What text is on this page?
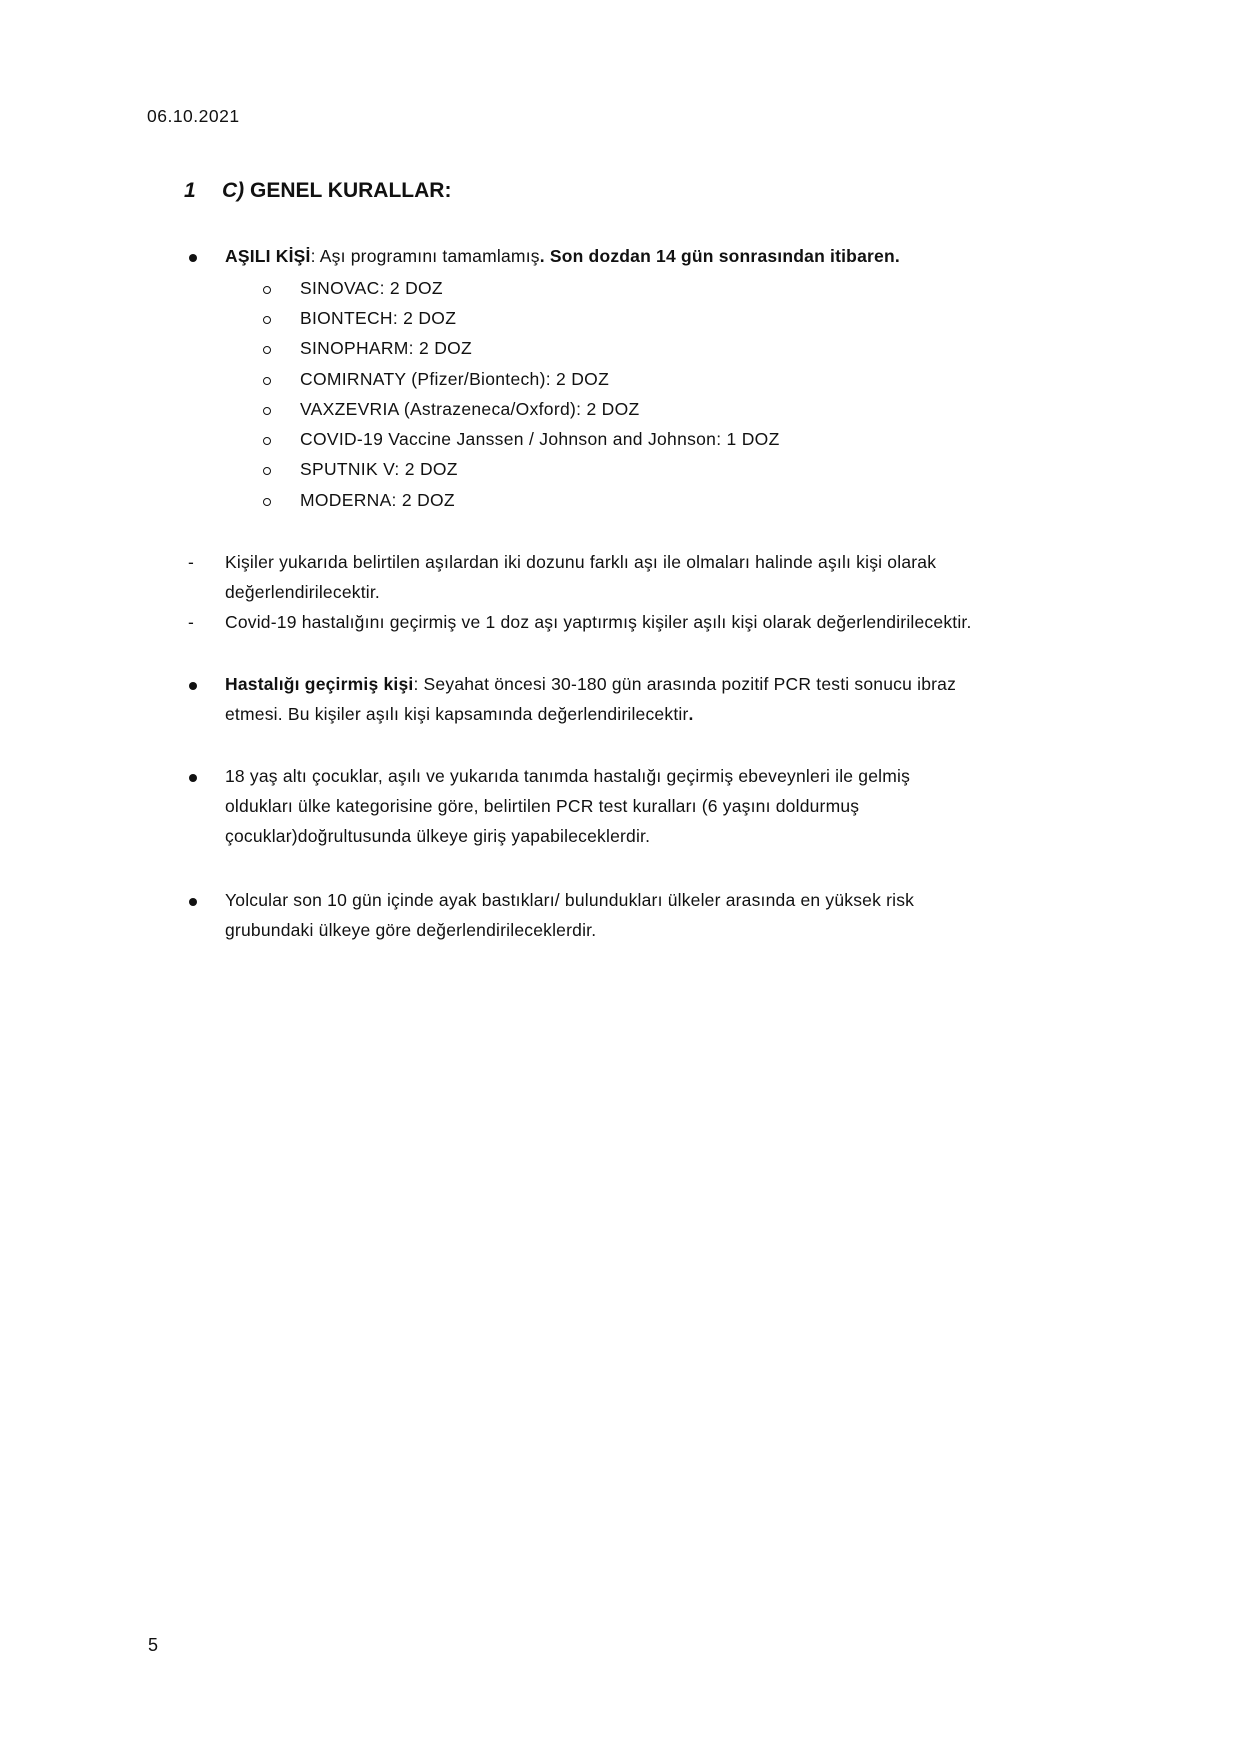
06.10.2021
1 C) GENEL KURALLAR:
AŞILI KİŞİ: Aşı programını tamamlamış. Son dozdan 14 gün sonrasından itibaren.
SINOVAC: 2 DOZ
BIONTECH: 2 DOZ
SINOPHARM: 2 DOZ
COMIRNATY (Pfizer/Biontech): 2 DOZ
VAXZEVRIA (Astrazeneca/Oxford): 2 DOZ
COVID-19 Vaccine Janssen / Johnson and Johnson: 1 DOZ
SPUTNIK V: 2 DOZ
MODERNA: 2 DOZ
- Kişiler yukarıda belirtilen aşılardan iki dozunu farklı aşı ile olmaları halinde aşılı kişi olarak
değerlendirilecektir.
- Covid-19 hastalığını geçirmiş ve 1 doz aşı yaptırmış kişiler aşılı kişi olarak değerlendirilecektir.
Hastalığı geçirmiş kişi: Seyahat öncesi 30-180 gün arasında pozitif PCR testi sonucu ibraz
etmesi. Bu kişiler aşılı kişi kapsamında değerlendirilecektir.
18 yaş altı çocuklar, aşılı ve yukarıda tanımda hastalığı geçirmiş ebeveynleri ile gelmiş
oldukları ülke kategorisine göre, belirtilen PCR test kuralları (6 yaşını doldurmuş
çocuklar)doğrultusunda ülkeye giriş yapabileceklerdir.
Yolcular son 10 gün içinde ayak bastıkları/ bulundukları ülkeler arasında en yüksek risk
grubundaki ülkeye göre değerlendirileceklerdir.
5
